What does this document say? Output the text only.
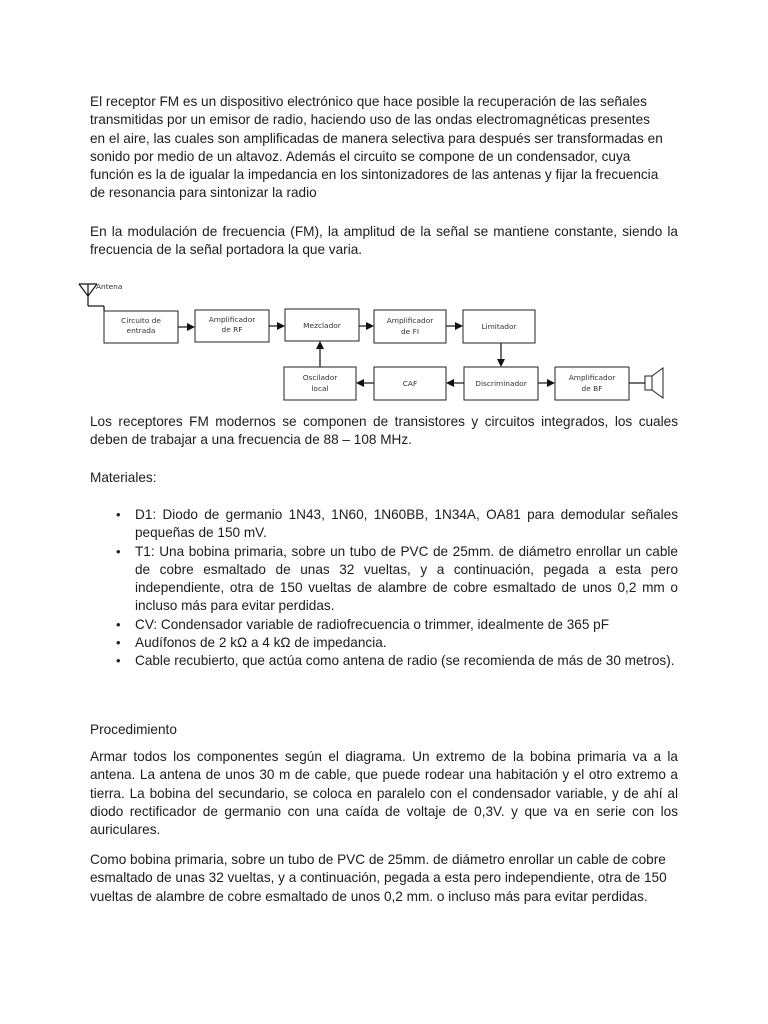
El receptor FM es un dispositivo electrónico que hace posible la recuperación de las señales
transmitidas por un emisor de radio, haciendo uso de las ondas electromagnéticas presentes
en el aire, las cuales son amplificadas de manera selectiva para después ser transformadas en
sonido por medio de un altavoz. Además el circuito se compone de un condensador, cuya
función es la de igualar la impedancia en los sintonizadores de las antenas y fijar la frecuencia
de resonancia para sintonizar la radio

En la modulación de frecuencia (FM), la amplitud de la señal se mantiene constante, siendo la frecuencia de la señal portadora la que varia.

Antena
Circuito de
entrada
Amplificador
de RF	Mezclador
Amplificador
de FI
Limitador
Oscilador
local
CAF	Discriminador
Amplificador
de BF

Los receptores FM modernos se componen de transistores y circuitos integrados, los cuales deben de trabajar a una frecuencia de 88 – 108 MHz.

Materiales:
• D1: Diodo de germanio 1N43, 1N60, 1N60BB, 1N34A, OA81 para demodular señales pequeñas de 150 mV.
• T1: Una bobina primaria, sobre un tubo de PVC de 25mm. de diámetro enrollar un cable de cobre esmaltado de unas 32 vueltas, y a continuación, pegada a esta pero independiente, otra de 150 vueltas de alambre de cobre esmaltado de unos 0,2 mm o incluso más para evitar perdidas.
• CV: Condensador variable de radiofrecuencia o trimmer, idealmente de 365 pF
• Audífonos de 2 kΩ a 4 kΩ de impedancia.
• Cable recubierto, que actúa como antena de radio (se recomienda de más de 30 metros).
Procedimiento

Armar todos los componentes según el diagrama. Un extremo de la bobina primaria va a la antena. La antena de unos 30 m de cable, que puede rodear una habitación y el otro extremo a tierra. La bobina del secundario, se coloca en paralelo con el condensador variable, y de ahí al diodo rectificador de germanio con una caída de voltaje de 0,3V. y que va en serie con los auriculares.

Como bobina primaria, sobre un tubo de PVC de 25mm. de diámetro enrollar un cable de cobre
esmaltado de unas 32 vueltas, y a continuación, pegada a esta pero independiente, otra de 150
vueltas de alambre de cobre esmaltado de unos 0,2 mm. o incluso más para evitar perdidas.
